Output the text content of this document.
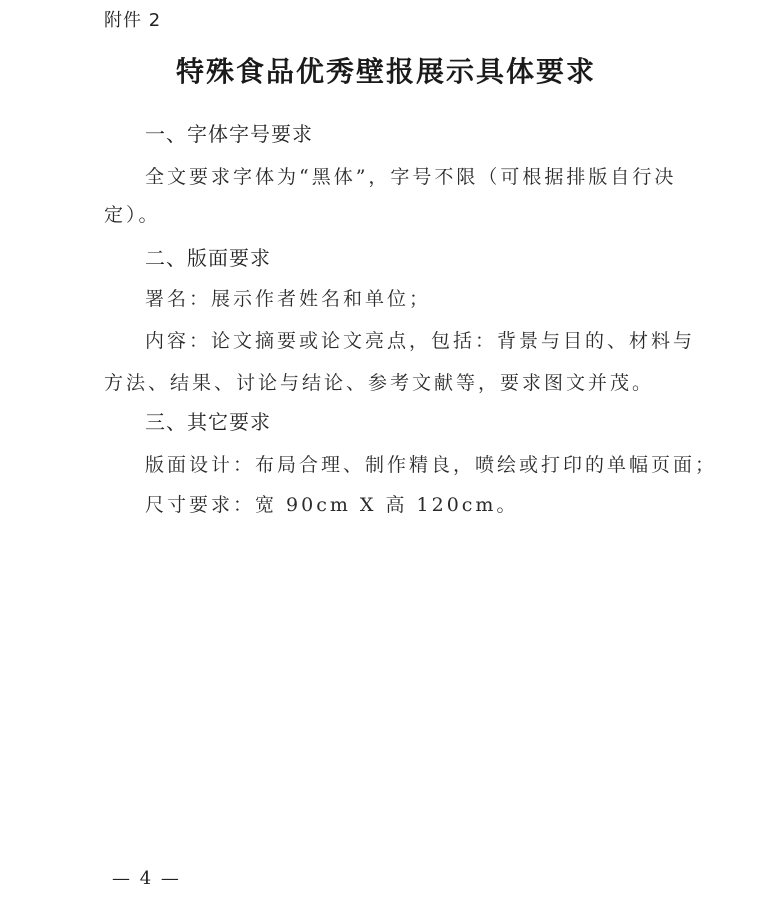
附件 2
特殊食品优秀壁报展示具体要求
一、字体字号要求
全文要求字体为“黑体”，字号不限（可根据排版自行决
定）。
二、版面要求
署名：展示作者姓名和单位；
内容：论文摘要或论文亮点，包括：背景与目的、材料与
方法、结果、讨论与结论、参考文献等，要求图文并茂。
三、其它要求
版面设计：布局合理、制作精良，喷绘或打印的单幅页面；
尺寸要求：宽 90cm X 高 120cm。
— 4 —
